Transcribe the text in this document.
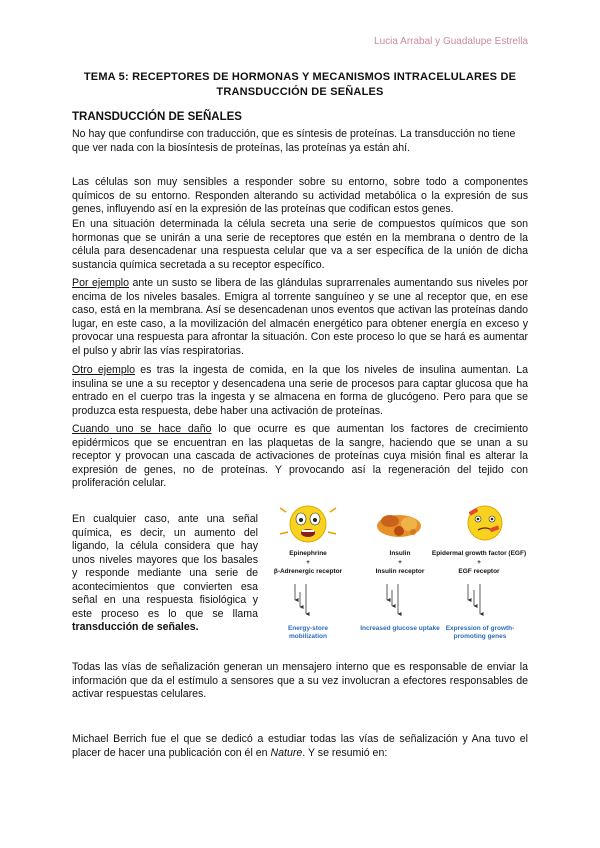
Lucia Arrabal y Guadalupe Estrella
TEMA 5: RECEPTORES DE HORMONAS Y MECANISMOS INTRACELULARES DE TRANSDUCCIÓN DE SEÑALES
TRANSDUCCIÓN DE SEÑALES

No hay que confundirse con traducción, que es síntesis de proteínas. La transducción no tiene que ver nada con la biosíntesis de proteínas, las proteínas ya están ahí.

Las células son muy sensibles a responder sobre su entorno, sobre todo a componentes químicos de su entorno. Responden alterando su actividad metabólica o la expresión de sus genes, influyendo así en la expresión de las proteínas que codifican estos genes.

En una situación determinada la célula secreta una serie de compuestos químicos que son hormonas que se unirán a una serie de receptores que estén en la membrana o dentro de la célula para desencadenar una respuesta celular que va a ser específica de la unión de dicha sustancia química secretada a su receptor específico.

Por ejemplo ante un susto se libera de las glándulas suprarrenales aumentando sus niveles por encima de los niveles basales. Emigra al torrente sanguíneo y se une al receptor que, en ese caso, está en la membrana. Así se desencadenan unos eventos que activan las proteínas dando lugar, en este caso, a la movilización del almacén energético para obtener energía en exceso y provocar una respuesta para afrontar la situación. Con este proceso lo que se hará es aumentar el pulso y abrir las vías respiratorias.

Otro ejemplo es tras la ingesta de comida, en la que los niveles de insulina aumentan. La insulina se une a su receptor y desencadena una serie de procesos para captar glucosa que ha entrado en el cuerpo tras la ingesta y se almacena en forma de glucógeno. Pero para que se produzca esta respuesta, debe haber una activación de proteínas.

Cuando uno se hace daño lo que ocurre es que aumentan los factores de crecimiento epidérmicos que se encuentran en las plaquetas de la sangre, haciendo que se unan a su receptor y provocan una cascada de activaciones de proteínas cuya misión final es alterar la expresión de genes, no de proteínas. Y provocando así la regeneración del tejido con proliferación celular.

En cualquier caso, ante una señal química, es decir, un aumento del ligando, la célula considera que hay unos niveles mayores que los basales y responde mediante una serie de acontecimientos que convierten esa señal en una respuesta fisiológica y este proceso es lo que se llama transducción de señales.

Epinephrine
+
β-Adrenergic receptor
Energy-store mobilization
Insulin
+
Insulin receptor
Increased glucose uptake
Epidermal growth factor (EGF)
+
EGF receptor
Expression of growth-promoting genes

Todas las vías de señalización generan un mensajero interno que es responsable de enviar la información que da el estímulo a sensores que a su vez involucran a efectores responsables de activar respuestas celulares.

Michael Berrich fue el que se dedicó a estudiar todas las vías de señalización y Ana tuvo el placer de hacer una publicación con él en Nature. Y se resumió en:
